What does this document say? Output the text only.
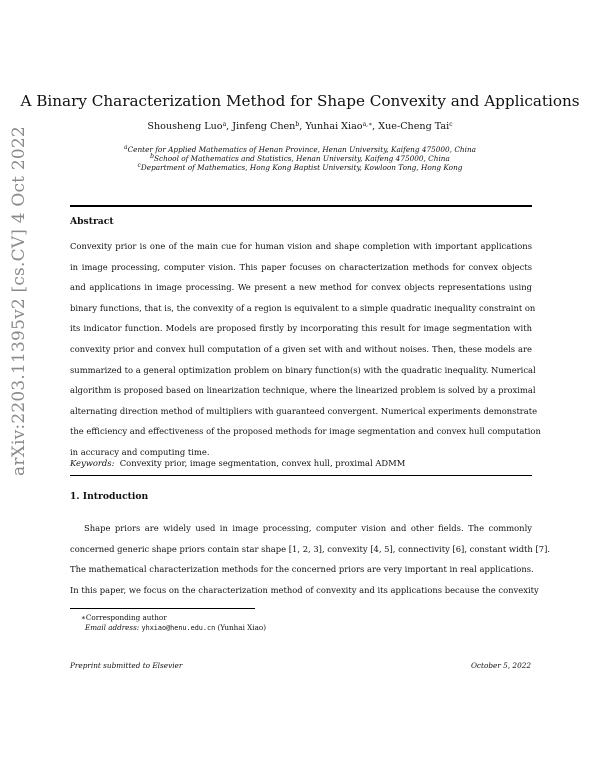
arXiv:2203.11395v2 [cs.CV] 4 Oct 2022
A Binary Characterization Method for Shape Convexity and Applications
Shousheng Luo$^a$, Jinfeng Chen$^b$, Yunhai Xiao$^{a,∗}$, Xue-Cheng Tai$^c$
$^a$Center for Applied Mathematics of Henan Province, Henan University, Kaifeng 475000, China
$^b$School of Mathematics and Statistics, Henan University, Kaifeng 475000, China
$^c$Department of Mathematics, Hong Kong Baptist University, Kowloon Tong, Hong Kong
Abstract
Convexity prior is one of the main cue for human vision and shape completion with important applications
in image processing, computer vision. This paper focuses on characterization methods for convex objects
and applications in image processing. We present a new method for convex objects representations using
binary functions, that is, the convexity of a region is equivalent to a simple quadratic inequality constraint on
its indicator function. Models are proposed firstly by incorporating this result for image segmentation with
convexity prior and convex hull computation of a given set with and without noises. Then, these models are
summarized to a general optimization problem on binary function(s) with the quadratic inequality. Numerical
algorithm is proposed based on linearization technique, where the linearized problem is solved by a proximal
alternating direction method of multipliers with guaranteed convergent. Numerical experiments demonstrate
the efficiency and effectiveness of the proposed methods for image segmentation and convex hull computation
in accuracy and computing time.
Keywords: Convexity prior, image segmentation, convex hull, proximal ADMM
1. Introduction
Shape priors are widely used in image processing, computer vision and other fields. The commonly
concerned generic shape priors contain star shape [1, 2, 3], convexity [4, 5], connectivity [6], constant width [7].
The mathematical characterization methods for the concerned priors are very important in real applications.
In this paper, we focus on the characterization method of convexity and its applications because the convexity
∗Corresponding author
Email address: yhxiao@henu.edu.cn (Yunhai Xiao)
Preprint submitted to Elsevier	October 5, 2022
